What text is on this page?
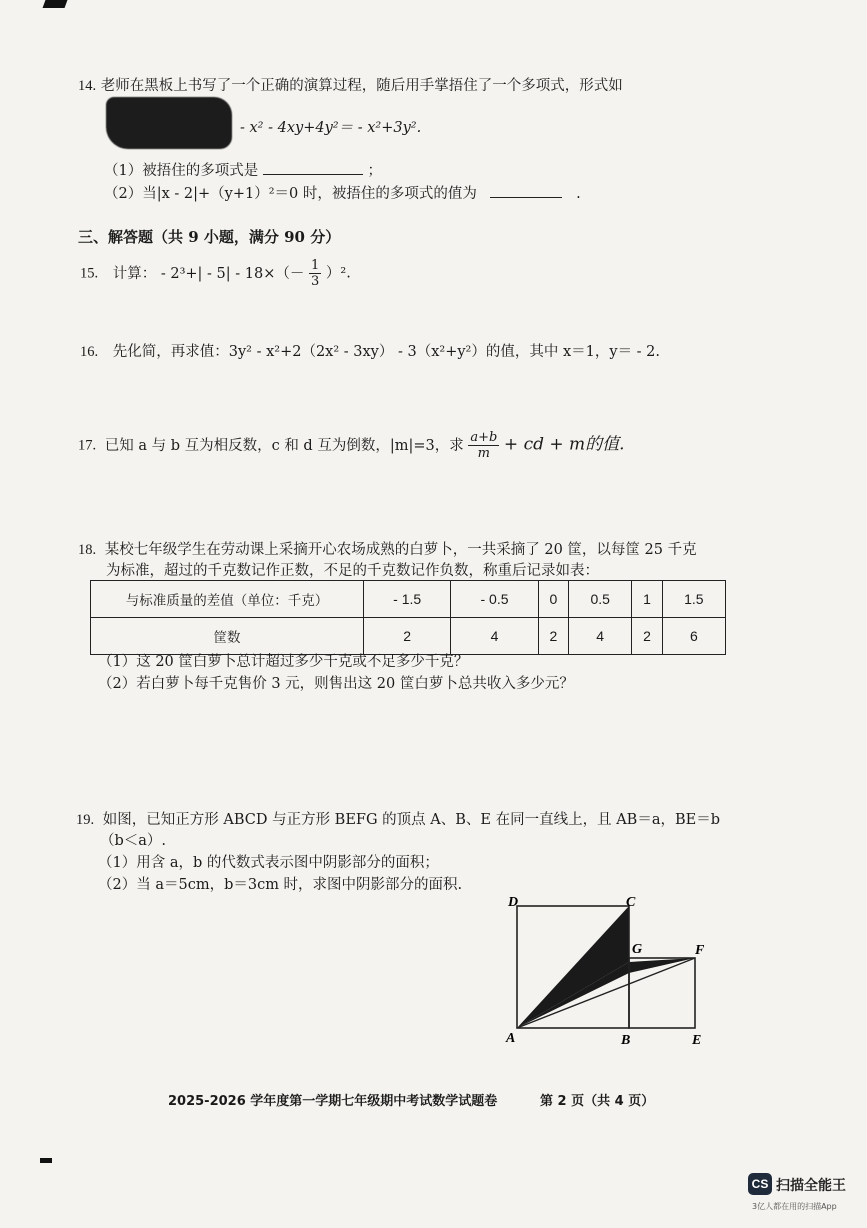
14. 老师在黑板上书写了一个正确的演算过程，随后用手掌捂住了一个多项式，形式如
- x² - 4xy+4y²＝ - x²+3y².
（1）被捂住的多项式是	；
（2）当|x - 2|+（y+1）²＝0 时，被捂住的多项式的值为	.
三、解答题（共 9 小题，满分 90 分）
15. 计算： - $2^3+| - 5| - 18\times(- \frac{1}{3} )^2$.
16. 先化简，再求值：3y² - x²+2（2x² - 3xy） - 3（x²+y²）的值，其中 x＝1，y＝ - 2.
17. 已知 a 与 b 互为相反数，c 和 d 互为倒数，|m|=3，求 $\frac{a+b}{m}$ + cd + m的值.
18. 某校七年级学生在劳动课上采摘开心农场成熟的白萝卜，一共采摘了 20 筐，以每筐 25 千克
为标准，超过的千克数记作正数，不足的千克数记作负数，称重后记录如表：
与标准质量的差值（单位：千克）	- 1.5	- 0.5	0	0.5	1	1.5
筐数	2	4	2	4	2	6
（1）这 20 筐白萝卜总计超过多少千克或不足多少千克？
（2）若白萝卜每千克售价 3 元，则售出这 20 筐白萝卜总共收入多少元？
19. 如图，已知正方形 ABCD 与正方形 BEFG 的顶点 A、B、E 在同一直线上，且 AB＝a，BE＝b
（b＜a）.
（1）用含 a，b 的代数式表示图中阴影部分的面积；
（2）当 a＝5cm，b＝3cm 时，求图中阴影部分的面积.
D	C
G	F
A	B	E
2025-2026 学年度第一学期七年级期中考试数学试题卷	第 2 页（共 4 页）
CS 扫描全能王
3亿人都在用的扫描App
